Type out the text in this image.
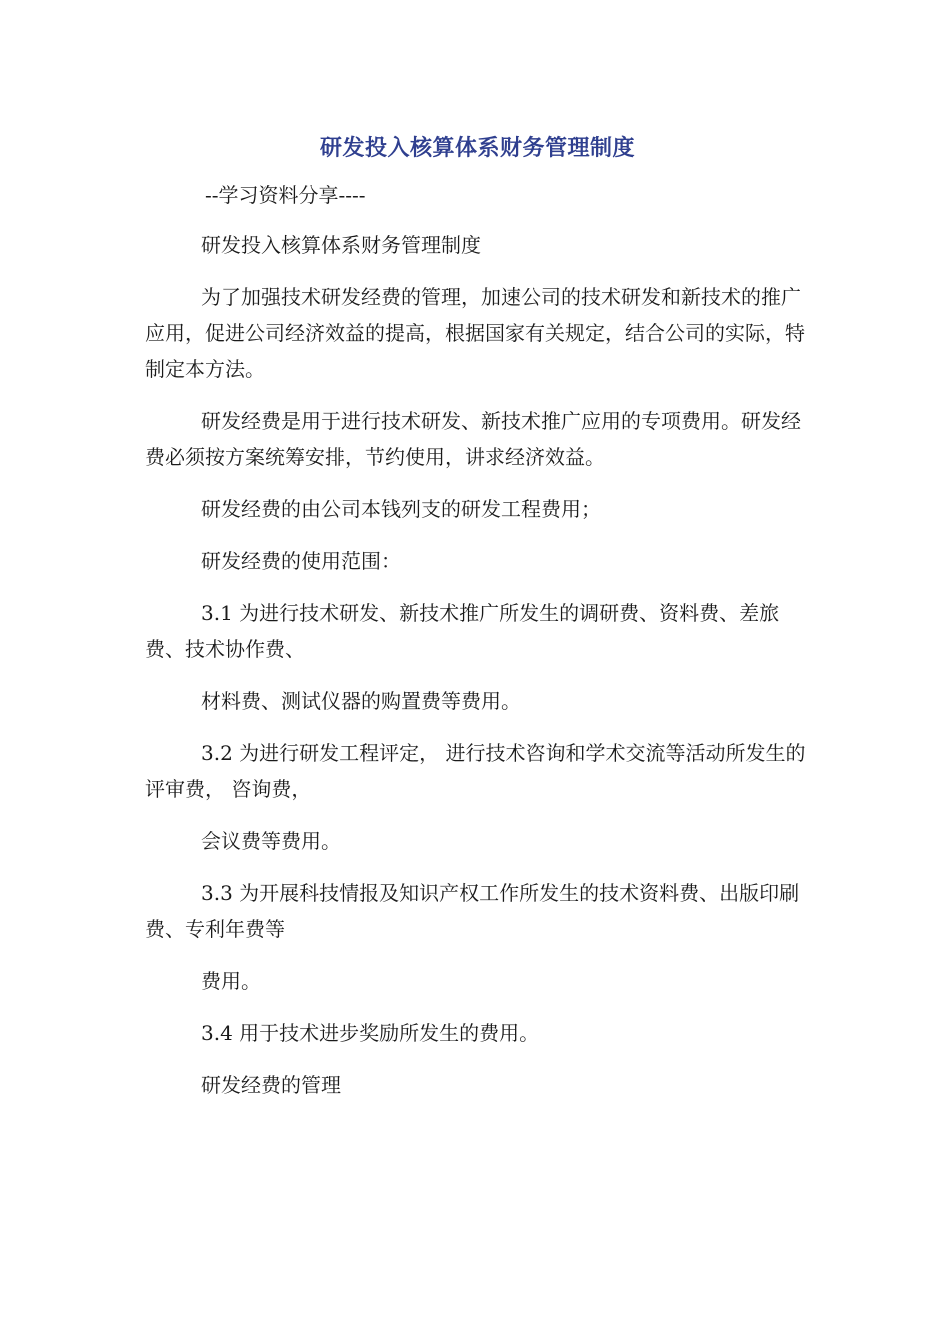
研发投入核算体系财务管理制度
--学习资料分享----
研发投入核算体系财务管理制度
为了加强技术研发经费的管理，加速公司的技术研发和新技术的推广应用，促进公司经济效益的提高，根据国家有关规定，结合公司的实际，特制定本方法。
研发经费是用于进行技术研发、新技术推广应用的专项费用。研发经费必须按方案统筹安排，节约使用，讲求经济效益。
研发经费的由公司本钱列支的研发工程费用；
研发经费的使用范围：
3.1 为进行技术研发、新技术推广所发生的调研费、资料费、差旅费、技术协作费、
材料费、测试仪器的购置费等费用。
3.2 为进行研发工程评定， 进行技术咨询和学术交流等活动所发生的评审费， 咨询费，
会议费等费用。
3.3 为开展科技情报及知识产权工作所发生的技术资料费、出版印刷费、专利年费等
费用。
3.4 用于技术进步奖励所发生的费用。
研发经费的管理
